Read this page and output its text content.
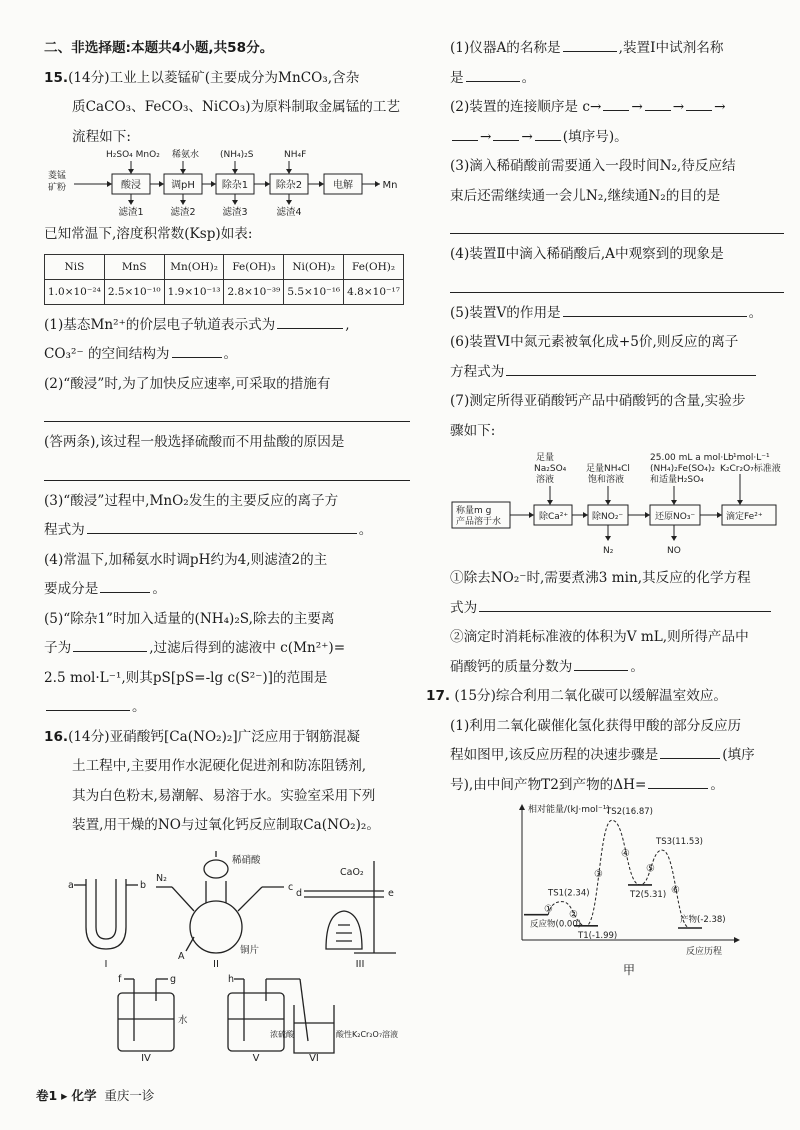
二、非选择题:本题共4小题,共58分。

15.(14分)工业上以菱锰矿(主要成分为MnCO₃,含杂

质CaCO₃、FeCO₃、NiCO₃)为原料制取金属锰的工艺

流程如下:

菱锰
矿粉
H₂SO₄ MnO₂ 稀氨水 (NH₄)₂S	NH₄F
酸浸	调pH	除杂1	除杂2	电解	Mn
滤渣1	滤渣2	滤渣3	滤渣4

已知常温下,溶度积常数(Ksp)如表:

NiS	MnS	Mn(OH)₂	Fe(OH)₃	Ni(OH)₂	Fe(OH)₂
1.0×10⁻²⁴	2.5×10⁻¹⁰	1.9×10⁻¹³	2.8×10⁻³⁹	5.5×10⁻¹⁶	4.8×10⁻¹⁷

(1)基态Mn²⁺的价层电子轨道表示式为	,

CO₃²⁻ 的空间结构为	。

(2)“酸浸”时,为了加快反应速率,可采取的措施有

(答两条),该过程一般选择硫酸而不用盐酸的原因是

(3)“酸浸”过程中,MnO₂发生的主要反应的离子方

程式为	。

(4)常温下,加稀氨水时调pH约为4,则滤渣2的主

要成分是	。

(5)“除杂1”时加入适量的(NH₄)₂S,除去的主要离

子为	,过滤后得到的滤液中 c(Mn²⁺)=

2.5 mol·L⁻¹,则其pS[pS=-lg c(S²⁻)]的范围是

。

16.(14分)亚硝酸钙[Ca(NO₂)₂]广泛应用于钢筋混凝

土工程中,主要用作水泥硬化促进剂和防冻阻锈剂,

其为白色粉末,易潮解、易溶于水。实验室采用下列

装置,用干燥的NO与过氧化钙反应制取Ca(NO₂)₂。

a	b
N₂
稀硝酸
c
A
铜片
d	e
CaO₂
f	g	h
水
浓硫酸	酸性K₂Cr₂O₇溶液
I	II	III
IV	V	VI

(1)仪器A的名称是	,装置Ⅰ中试剂名称

是	。

(2)装置的连接顺序是 c→ → → →

→ → (填序号)。

(3)滴入稀硝酸前需要通入一段时间N₂,待反应结

束后还需继续通一会儿N₂,继续通N₂的目的是

(4)装置Ⅱ中滴入稀硝酸后,A中观察到的现象是

(5)装置Ⅴ的作用是	。

(6)装置Ⅵ中氮元素被氧化成+5价,则反应的离子

方程式为

(7)测定所得亚硝酸钙产品中硝酸钙的含量,实验步

骤如下:

称量m g
产品溶于水	除Ca²⁺	除NO₂⁻	还原NO₃⁻	滴定Fe²⁺
足量
Na₂SO₄
溶液
足量NH₄Cl
饱和溶液
25.00 mL a mol·L⁻¹
(NH₄)₂Fe(SO₄)₂
和适量H₂SO₄
b mol·L⁻¹
K₂Cr₂O₇标准液
N₂	NO

①除去NO₂⁻时,需要煮沸3 min,其反应的化学方程

式为

②滴定时消耗标准液的体积为V mL,则所得产品中

硝酸钙的质量分数为	。

17. (15分)综合利用二氧化碳可以缓解温室效应。

(1)利用二氧化碳催化氢化获得甲酸的部分反应历

程如图甲,该反应历程的决速步骤是	(填序

号),由中间产物T2到产物的ΔH=	。

相对能量/(kJ·mol⁻¹)
反应历程
反应物(0.00)
TS1(2.34)
T1(-1.99)
TS2(16.87)
T2(5.31)
TS3(11.53)
产物(-2.38)
①
②
③
④
⑤
⑥
甲
卷1 ▸ 化学 重庆一诊
